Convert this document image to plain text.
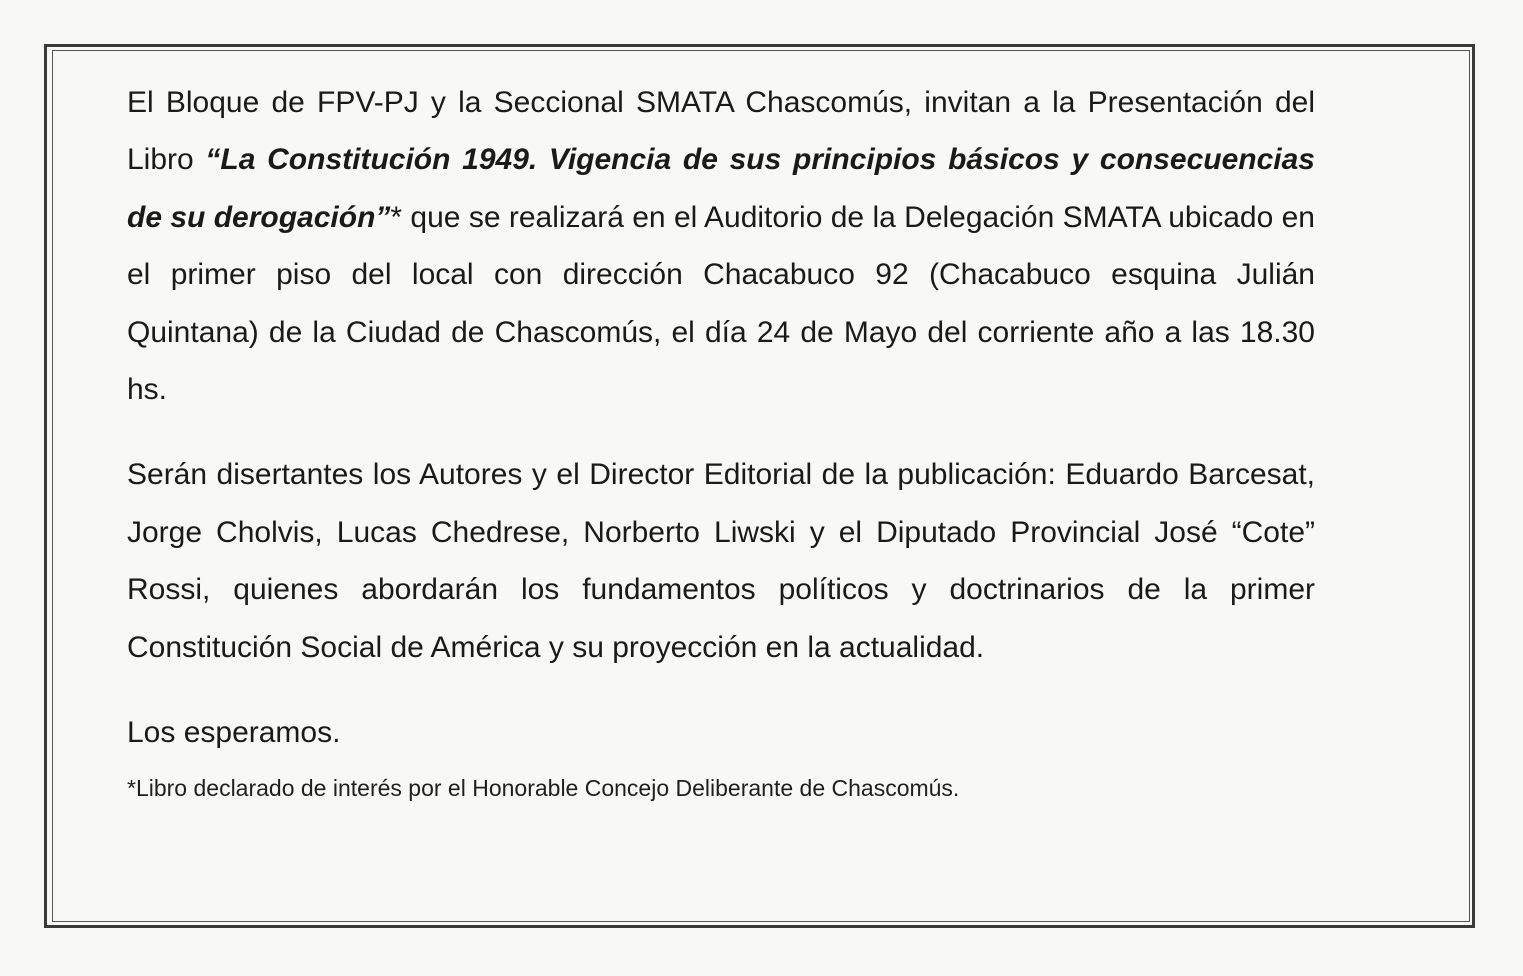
El Bloque de FPV-PJ y la Seccional SMATA Chascomús, invitan a la Presentación del Libro “La Constitución 1949. Vigencia de sus principios básicos y consecuencias de su derogación”* que se realizará en el Auditorio de la Delegación SMATA ubicado en el primer piso del local con dirección Chacabuco 92 (Chacabuco esquina Julián Quintana) de la Ciudad de Chascomús, el día 24 de Mayo del corriente año a las 18.30 hs.

Serán disertantes los Autores y el Director Editorial de la publicación: Eduardo Barcesat, Jorge Cholvis, Lucas Chedrese, Norberto Liwski y el Diputado Provincial José “Cote” Rossi, quienes abordarán los fundamentos políticos y doctrinarios de la primer Constitución Social de América y su proyección en la actualidad.

Los esperamos.

*Libro declarado de interés por el Honorable Concejo Deliberante de Chascomús.
